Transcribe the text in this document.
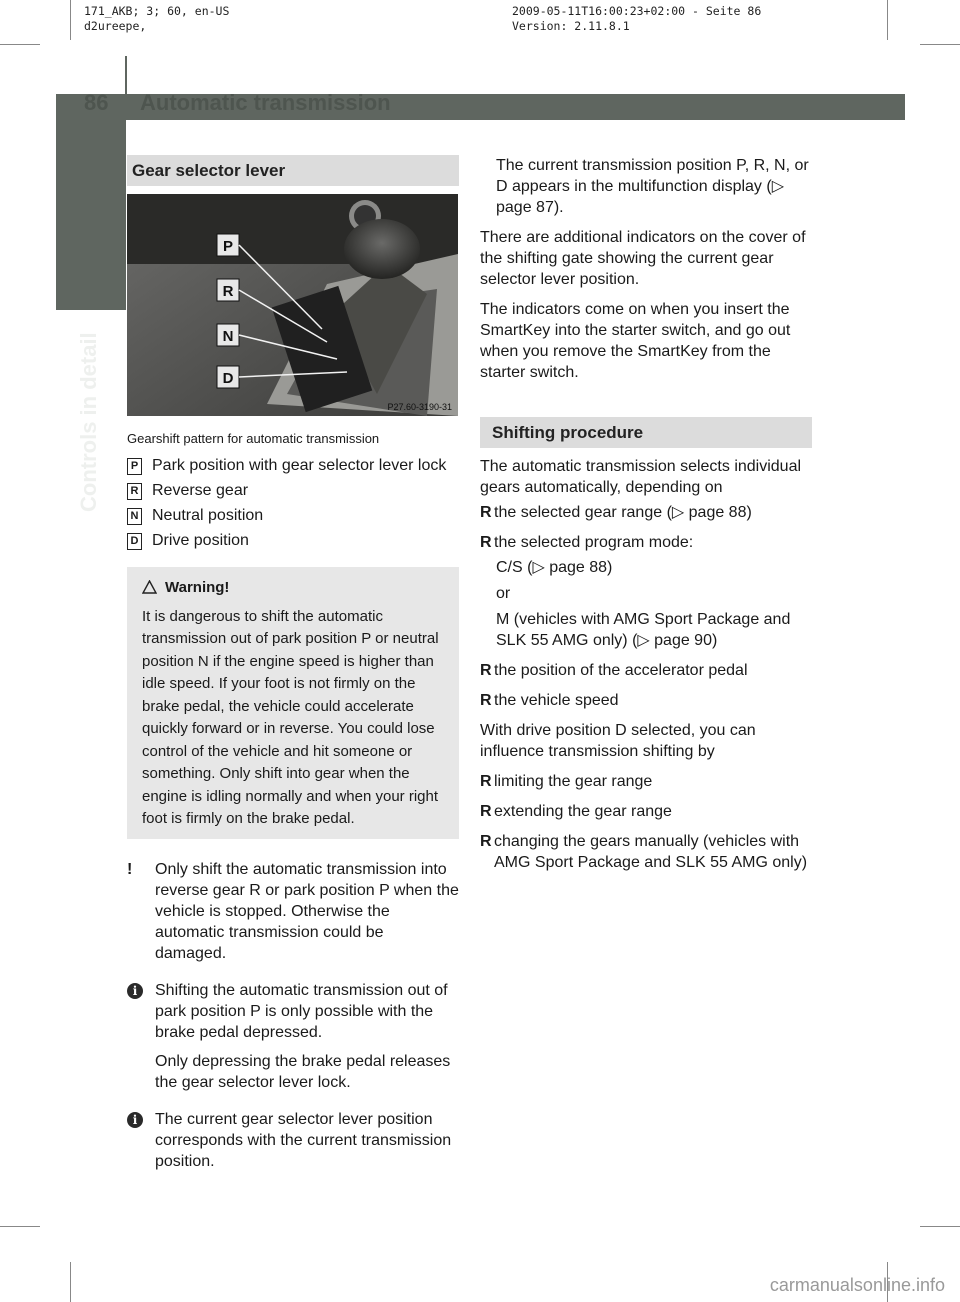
171_AKB; 3; 60, en-US
d2ureepe,
2009-05-11T16:00:23+02:00 - Seite 86
Version: 2.11.8.1
86 Automatic transmission
Controls in detail
Gear selector lever
P
R
N
D
P27.60-3190-31
Gearshift pattern for automatic transmission
P Park position with gear selector lever lock
R Reverse gear
N Neutral position
D Drive position
Warning!
It is dangerous to shift the automatic transmission out of park position P or neutral position N if the engine speed is higher than idle speed. If your foot is not firmly on the brake pedal, the vehicle could accelerate quickly forward or in reverse. You could lose control of the vehicle and hit someone or something. Only shift into gear when the engine is idling normally and when your right foot is firmly on the brake pedal.
!	Only shift the automatic transmission into reverse gear R or park position P when the vehicle is stopped. Otherwise the automatic transmission could be damaged.
i	Shifting the automatic transmission out of park position P is only possible with the brake pedal depressed.
Only depressing the brake pedal releases the gear selector lever lock.
i	The current gear selector lever position corresponds with the current transmission position.

The current transmission position P, R, N, or D appears in the multifunction display (▷ page 87).

There are additional indicators on the cover of the shifting gate showing the current gear selector lever position.

The indicators come on when you insert the SmartKey into the starter switch, and go out when you remove the SmartKey from the starter switch.

Shifting procedure

The automatic transmission selects individual gears automatically, depending on

R the selected gear range (▷ page 88)
R the selected program mode:
C/S (▷ page 88)
or
M (vehicles with AMG Sport Package and SLK 55 AMG only) (▷ page 90)
R the position of the accelerator pedal
R the vehicle speed

With drive position D selected, you can influence transmission shifting by

R limiting the gear range
R extending the gear range
R changing the gears manually (vehicles with AMG Sport Package and SLK 55 AMG only)
carmanualsonline.info
